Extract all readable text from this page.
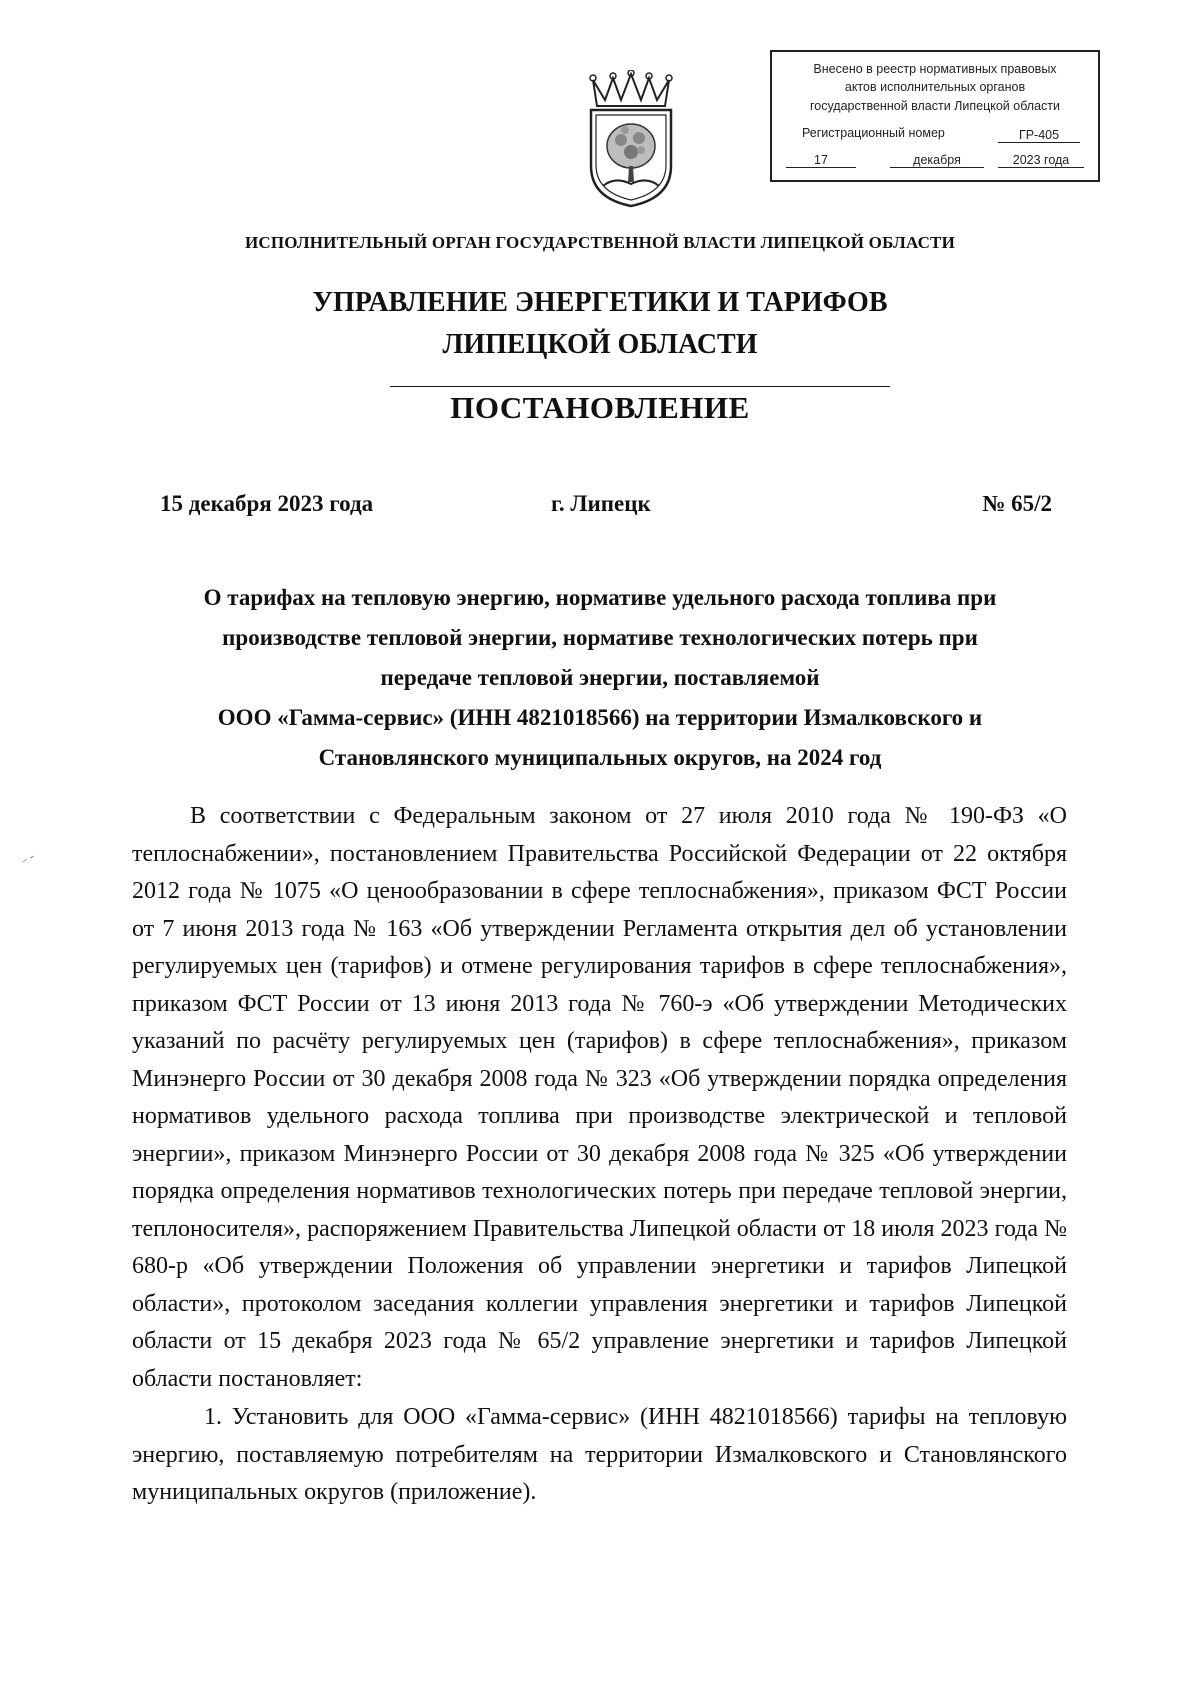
Внесено в реестр нормативных правовых
актов исполнительных органов
государственной власти Липецкой области
Регистрационный номер	ГР-405
17	декабря	2023 года
ИСПОЛНИТЕЛЬНЫЙ ОРГАН ГОСУДАРСТВЕННОЙ ВЛАСТИ ЛИПЕЦКОЙ ОБЛАСТИ
УПРАВЛЕНИЕ ЭНЕРГЕТИКИ И ТАРИФОВ
ЛИПЕЦКОЙ ОБЛАСТИ
ПОСТАНОВЛЕНИЕ
15 декабря 2023 года	г. Липецк	№ 65/2
О тарифах на тепловую энергию, нормативе удельного расхода топлива при
производстве тепловой энергии, нормативе технологических потерь при
передаче тепловой энергии, поставляемой
ООО «Гамма-сервис» (ИНН 4821018566) на территории Измалковского и
Становлянского муниципальных округов, на 2024 год

В соответствии с Федеральным законом от 27 июля 2010 года № 190-ФЗ «О теплоснабжении», постановлением Правительства Российской Федерации от 22 октября 2012 года № 1075 «О ценообразовании в сфере теплоснабжения», приказом ФСТ России от 7 июня 2013 года № 163 «Об утверждении Регламента открытия дел об установлении регулируемых цен (тарифов) и отмене регулирования тарифов в сфере теплоснабжения», приказом ФСТ России от 13 июня 2013 года № 760-э «Об утверждении Методических указаний по расчёту регулируемых цен (тарифов) в сфере теплоснабжения», приказом Минэнерго России от 30 декабря 2008 года № 323 «Об утверждении порядка определения нормативов удельного расхода топлива при производстве электрической и тепловой энергии», приказом Минэнерго России от 30 декабря 2008 года № 325 «Об утверждении порядка определения нормативов технологических потерь при передаче тепловой энергии, теплоносителя», распоряжением Правительства Липецкой области от 18 июля 2023 года № 680-р «Об утверждении Положения об управлении энергетики и тарифов Липецкой области», протоколом заседания коллегии управления энергетики и тарифов Липецкой области от 15 декабря 2023 года № 65/2 управление энергетики и тарифов Липецкой области постановляет:

1. Установить для ООО «Гамма-сервис» (ИНН 4821018566) тарифы на тепловую энергию, поставляемую потребителям на территории Измалковского и Становлянского муниципальных округов (приложение).
